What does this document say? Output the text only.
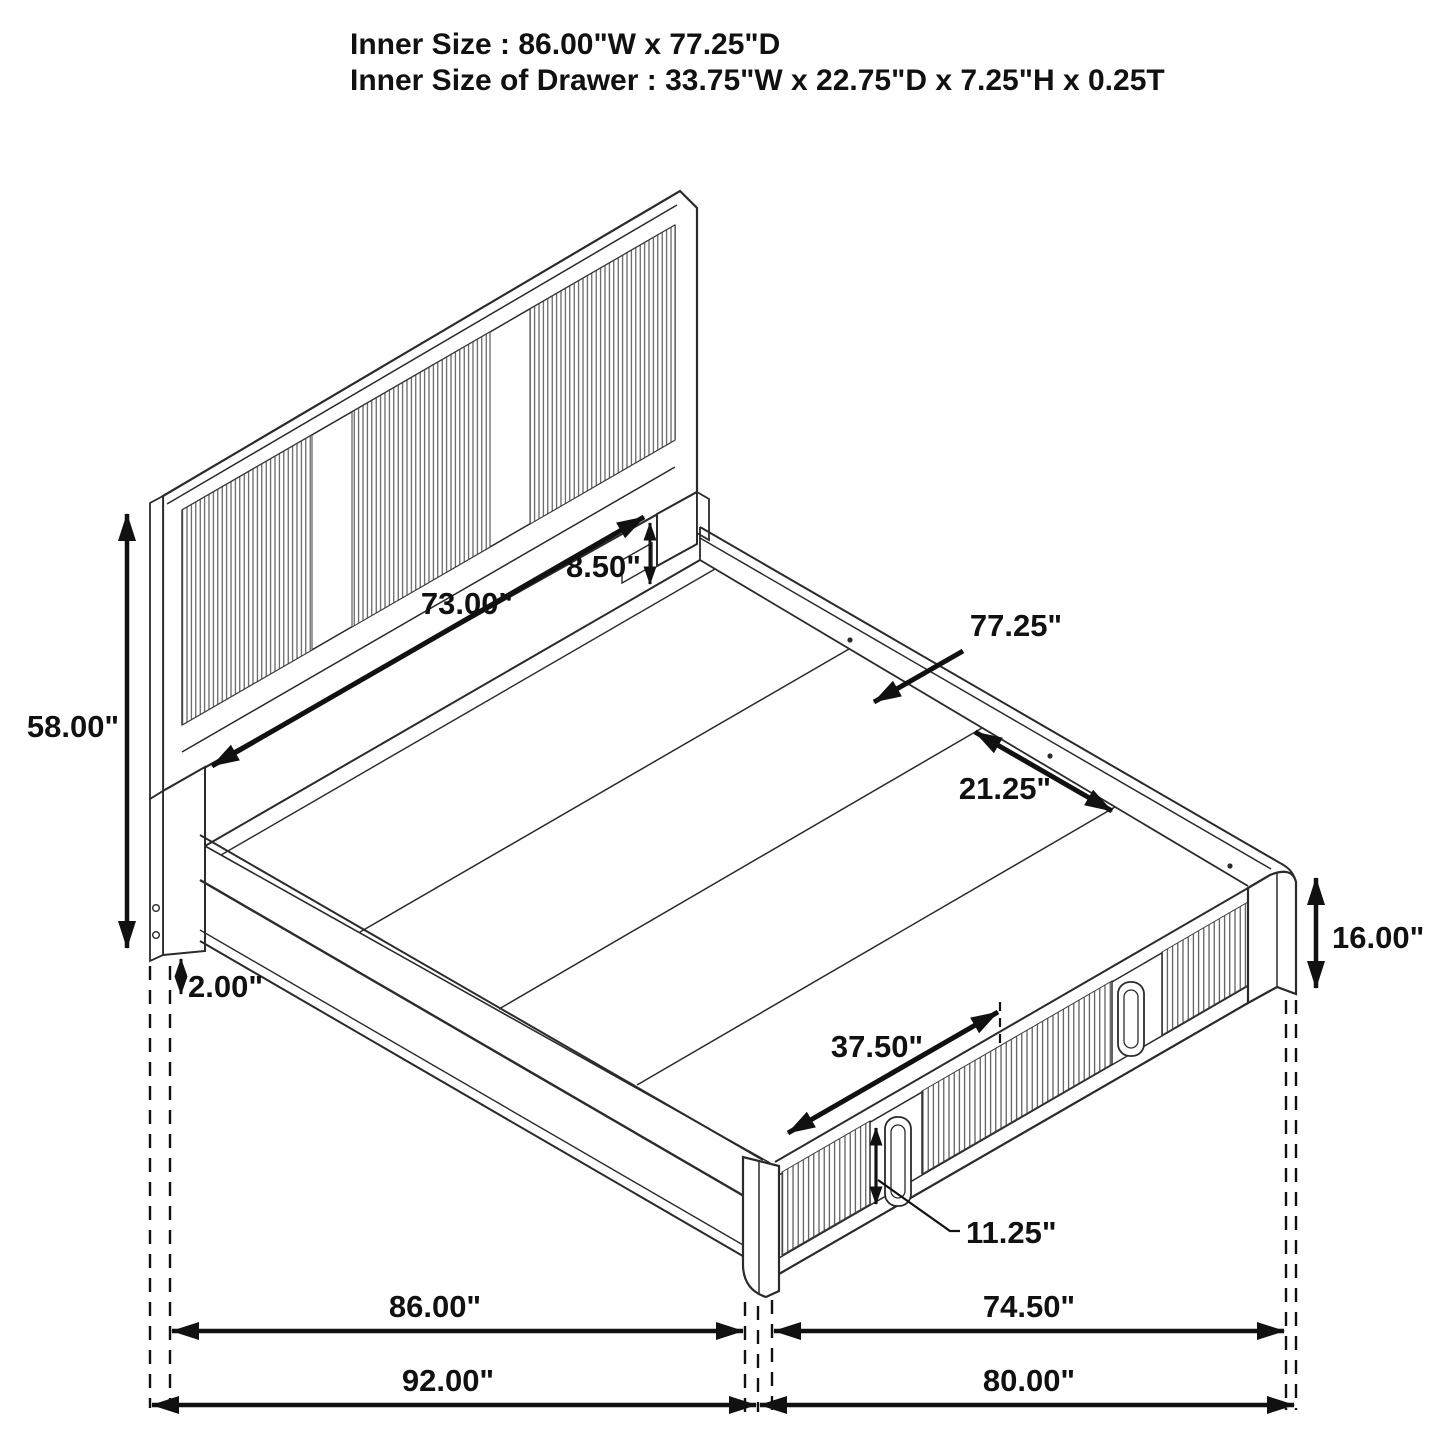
Inner Size : 86.00"W x 77.25"D
Inner Size of Drawer : 33.75"W x 22.75"D x 7.25"H x 0.25T
58.00"
2.00"
73.00"
8.50"
77.25"
21.25"
16.00"
37.50"
11.25"
86.00"
92.00"
74.50"
80.00"
